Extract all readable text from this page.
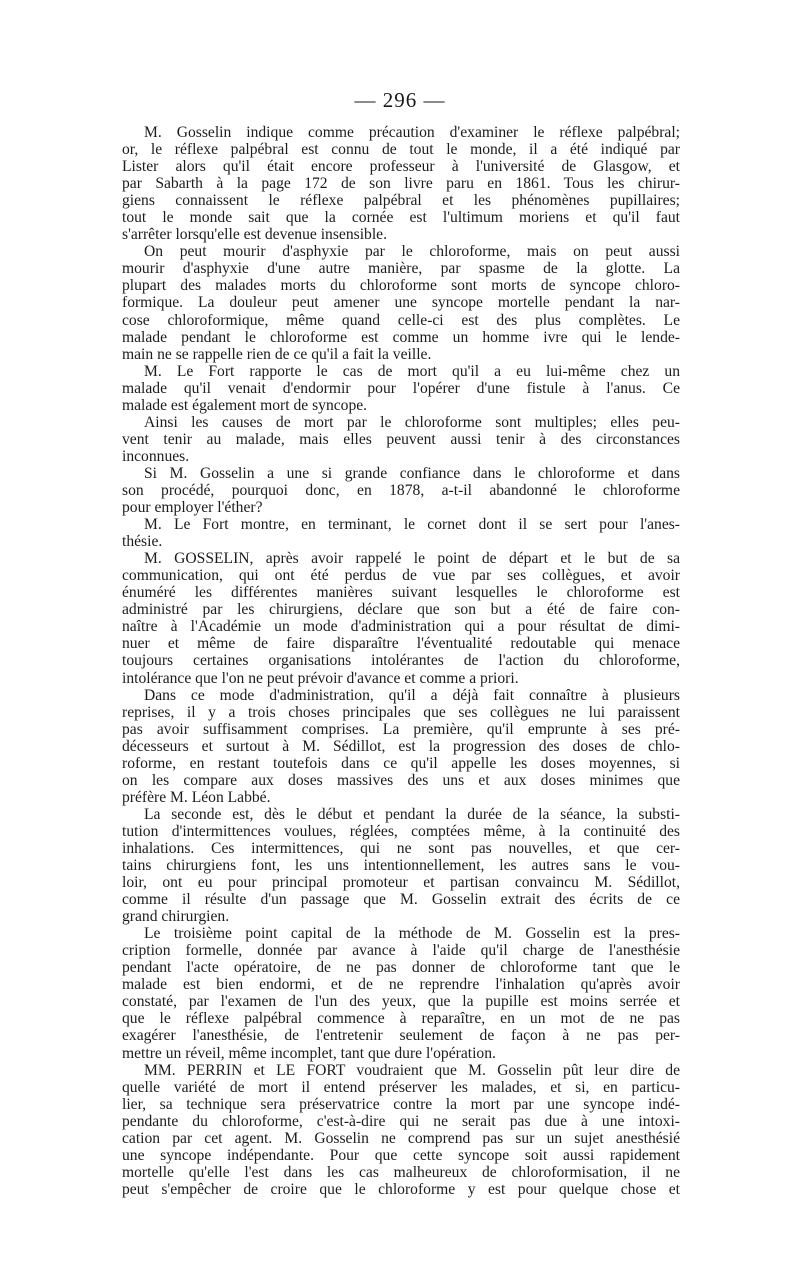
— 296 —
M. Gosselin indique comme précaution d'examiner le réflexe palpébral;
or, le réflexe palpébral est connu de tout le monde, il a été indiqué par
Lister alors qu'il était encore professeur à l'université de Glasgow, et
par Sabarth à la page 172 de son livre paru en 1861. Tous les chirur-
giens connaissent le réflexe palpébral et les phénomènes pupillaires;
tout le monde sait que la cornée est l'ultimum moriens et qu'il faut
s'arrêter lorsqu'elle est devenue insensible.
On peut mourir d'asphyxie par le chloroforme, mais on peut aussi
mourir d'asphyxie d'une autre manière, par spasme de la glotte. La
plupart des malades morts du chloroforme sont morts de syncope chloro-
formique. La douleur peut amener une syncope mortelle pendant la nar-
cose chloroformique, même quand celle-ci est des plus complètes. Le
malade pendant le chloroforme est comme un homme ivre qui le lende-
main ne se rappelle rien de ce qu'il a fait la veille.
M. Le Fort rapporte le cas de mort qu'il a eu lui-même chez un
malade qu'il venait d'endormir pour l'opérer d'une fistule à l'anus. Ce
malade est également mort de syncope.
Ainsi les causes de mort par le chloroforme sont multiples; elles peu-
vent tenir au malade, mais elles peuvent aussi tenir à des circonstances
inconnues.
Si M. Gosselin a une si grande confiance dans le chloroforme et dans
son procédé, pourquoi donc, en 1878, a-t-il abandonné le chloroforme
pour employer l'éther?
M. Le Fort montre, en terminant, le cornet dont il se sert pour l'anes-
thésie.
M. GOSSELIN, après avoir rappelé le point de départ et le but de sa
communication, qui ont été perdus de vue par ses collègues, et avoir
énuméré les différentes manières suivant lesquelles le chloroforme est
administré par les chirurgiens, déclare que son but a été de faire con-
naître à l'Académie un mode d'administration qui a pour résultat de dimi-
nuer et même de faire disparaître l'éventualité redoutable qui menace
toujours certaines organisations intolérantes de l'action du chloroforme,
intolérance que l'on ne peut prévoir d'avance et comme a priori.
Dans ce mode d'administration, qu'il a déjà fait connaître à plusieurs
reprises, il y a trois choses principales que ses collègues ne lui paraissent
pas avoir suffisamment comprises. La première, qu'il emprunte à ses pré-
décesseurs et surtout à M. Sédillot, est la progression des doses de chlo-
roforme, en restant toutefois dans ce qu'il appelle les doses moyennes, si
on les compare aux doses massives des uns et aux doses minimes que
préfère M. Léon Labbé.
La seconde est, dès le début et pendant la durée de la séance, la substi-
tution d'intermittences voulues, réglées, comptées même, à la continuité des
inhalations. Ces intermittences, qui ne sont pas nouvelles, et que cer-
tains chirurgiens font, les uns intentionnellement, les autres sans le vou-
loir, ont eu pour principal promoteur et partisan convaincu M. Sédillot,
comme il résulte d'un passage que M. Gosselin extrait des écrits de ce
grand chirurgien.
Le troisième point capital de la méthode de M. Gosselin est la pres-
cription formelle, donnée par avance à l'aide qu'il charge de l'anesthésie
pendant l'acte opératoire, de ne pas donner de chloroforme tant que le
malade est bien endormi, et de ne reprendre l'inhalation qu'après avoir
constaté, par l'examen de l'un des yeux, que la pupille est moins serrée et
que le réflexe palpébral commence à reparaître, en un mot de ne pas
exagérer l'anesthésie, de l'entretenir seulement de façon à ne pas per-
mettre un réveil, même incomplet, tant que dure l'opération.
MM. PERRIN et LE FORT voudraient que M. Gosselin pût leur dire de
quelle variété de mort il entend préserver les malades, et si, en particu-
lier, sa technique sera préservatrice contre la mort par une syncope indé-
pendante du chloroforme, c'est-à-dire qui ne serait pas due à une intoxi-
cation par cet agent. M. Gosselin ne comprend pas sur un sujet anesthésié
une syncope indépendante. Pour que cette syncope soit aussi rapidement
mortelle qu'elle l'est dans les cas malheureux de chloroformisation, il ne
peut s'empêcher de croire que le chloroforme y est pour quelque chose et
